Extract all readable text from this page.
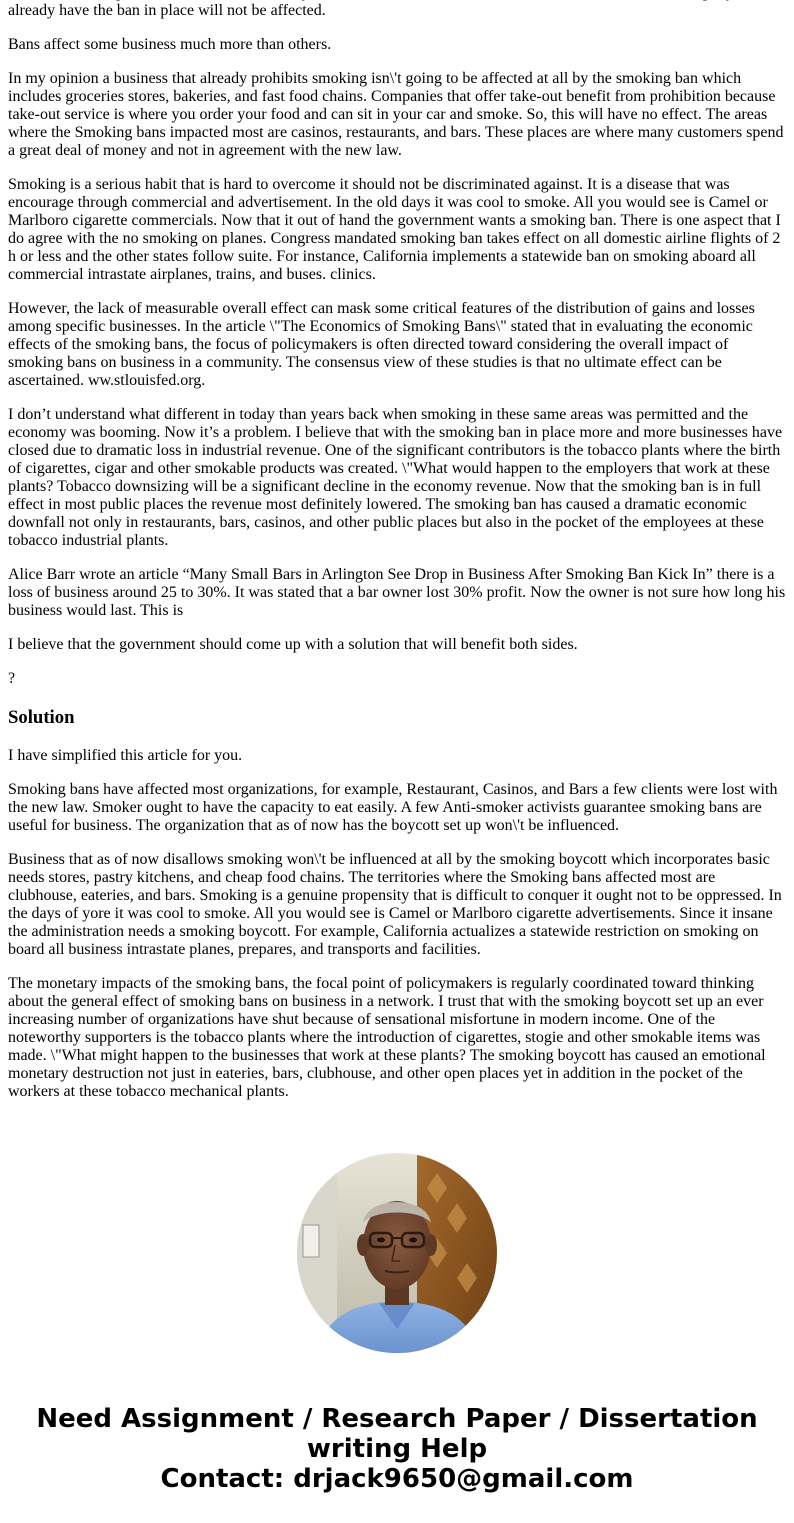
already have the ban in place will not be affected.

Bans affect some business much more than others.

In my opinion a business that already prohibits smoking isn\'t going to be affected at all by the smoking ban which includes groceries stores, bakeries, and fast food chains. Companies that offer take-out benefit from prohibition because take-out service is where you order your food and can sit in your car and smoke. So, this will have no effect. The areas where the Smoking bans impacted most are casinos, restaurants, and bars. These places are where many customers spend a great deal of money and not in agreement with the new law.

Smoking is a serious habit that is hard to overcome it should not be discriminated against. It is a disease that was encourage through commercial and advertisement. In the old days it was cool to smoke. All you would see is Camel or Marlboro cigarette commercials. Now that it out of hand the government wants a smoking ban. There is one aspect that I do agree with the no smoking on planes. Congress mandated smoking ban takes effect on all domestic airline flights of 2 h or less and the other states follow suite. For instance, California implements a statewide ban on smoking aboard all commercial intrastate airplanes, trains, and buses. clinics.

However, the lack of measurable overall effect can mask some critical features of the distribution of gains and losses among specific businesses. In the article \"The Economics of Smoking Bans\" stated that in evaluating the economic effects of the smoking bans, the focus of policymakers is often directed toward considering the overall impact of smoking bans on business in a community. The consensus view of these studies is that no ultimate effect can be ascertained. ww.stlouisfed.org.

I don’t understand what different in today than years back when smoking in these same areas was permitted and the economy was booming. Now it’s a problem. I believe that with the smoking ban in place more and more businesses have closed due to dramatic loss in industrial revenue. One of the significant contributors is the tobacco plants where the birth of cigarettes, cigar and other smokable products was created. \"What would happen to the employers that work at these plants? Tobacco downsizing will be a significant decline in the economy revenue. Now that the smoking ban is in full effect in most public places the revenue most definitely lowered. The smoking ban has caused a dramatic economic downfall not only in restaurants, bars, casinos, and other public places but also in the pocket of the employees at these tobacco industrial plants.

Alice Barr wrote an article “Many Small Bars in Arlington See Drop in Business After Smoking Ban Kick In” there is a loss of business around 25 to 30%. It was stated that a bar owner lost 30% profit. Now the owner is not sure how long his business would last. This is

I believe that the government should come up with a solution that will benefit both sides.

?

Solution

I have simplified this article for you.

Smoking bans have affected most organizations, for example, Restaurant, Casinos, and Bars a few clients were lost with the new law. Smoker ought to have the capacity to eat easily. A few Anti-smoker activists guarantee smoking bans are useful for business. The organization that as of now has the boycott set up won\'t be influenced.

Business that as of now disallows smoking won\'t be influenced at all by the smoking boycott which incorporates basic needs stores, pastry kitchens, and cheap food chains. The territories where the Smoking bans affected most are clubhouse, eateries, and bars. Smoking is a genuine propensity that is difficult to conquer it ought not to be oppressed. In the days of yore it was cool to smoke. All you would see is Camel or Marlboro cigarette advertisements. Since it insane the administration needs a smoking boycott. For example, California actualizes a statewide restriction on smoking on board all business intrastate planes, prepares, and transports and facilities.

The monetary impacts of the smoking bans, the focal point of policymakers is regularly coordinated toward thinking about the general effect of smoking bans on business in a network. I trust that with the smoking boycott set up an ever increasing number of organizations have shut because of sensational misfortune in modern income. One of the noteworthy supporters is the tobacco plants where the introduction of cigarettes, stogie and other smokable items was made. \"What might happen to the businesses that work at these plants? The smoking boycott has caused an emotional monetary destruction not just in eateries, bars, clubhouse, and other open places yet in addition in the pocket of the workers at these tobacco mechanical plants.

Need Assignment / Research Paper / Dissertation
writing Help
Contact: drjack9650@gmail.com
